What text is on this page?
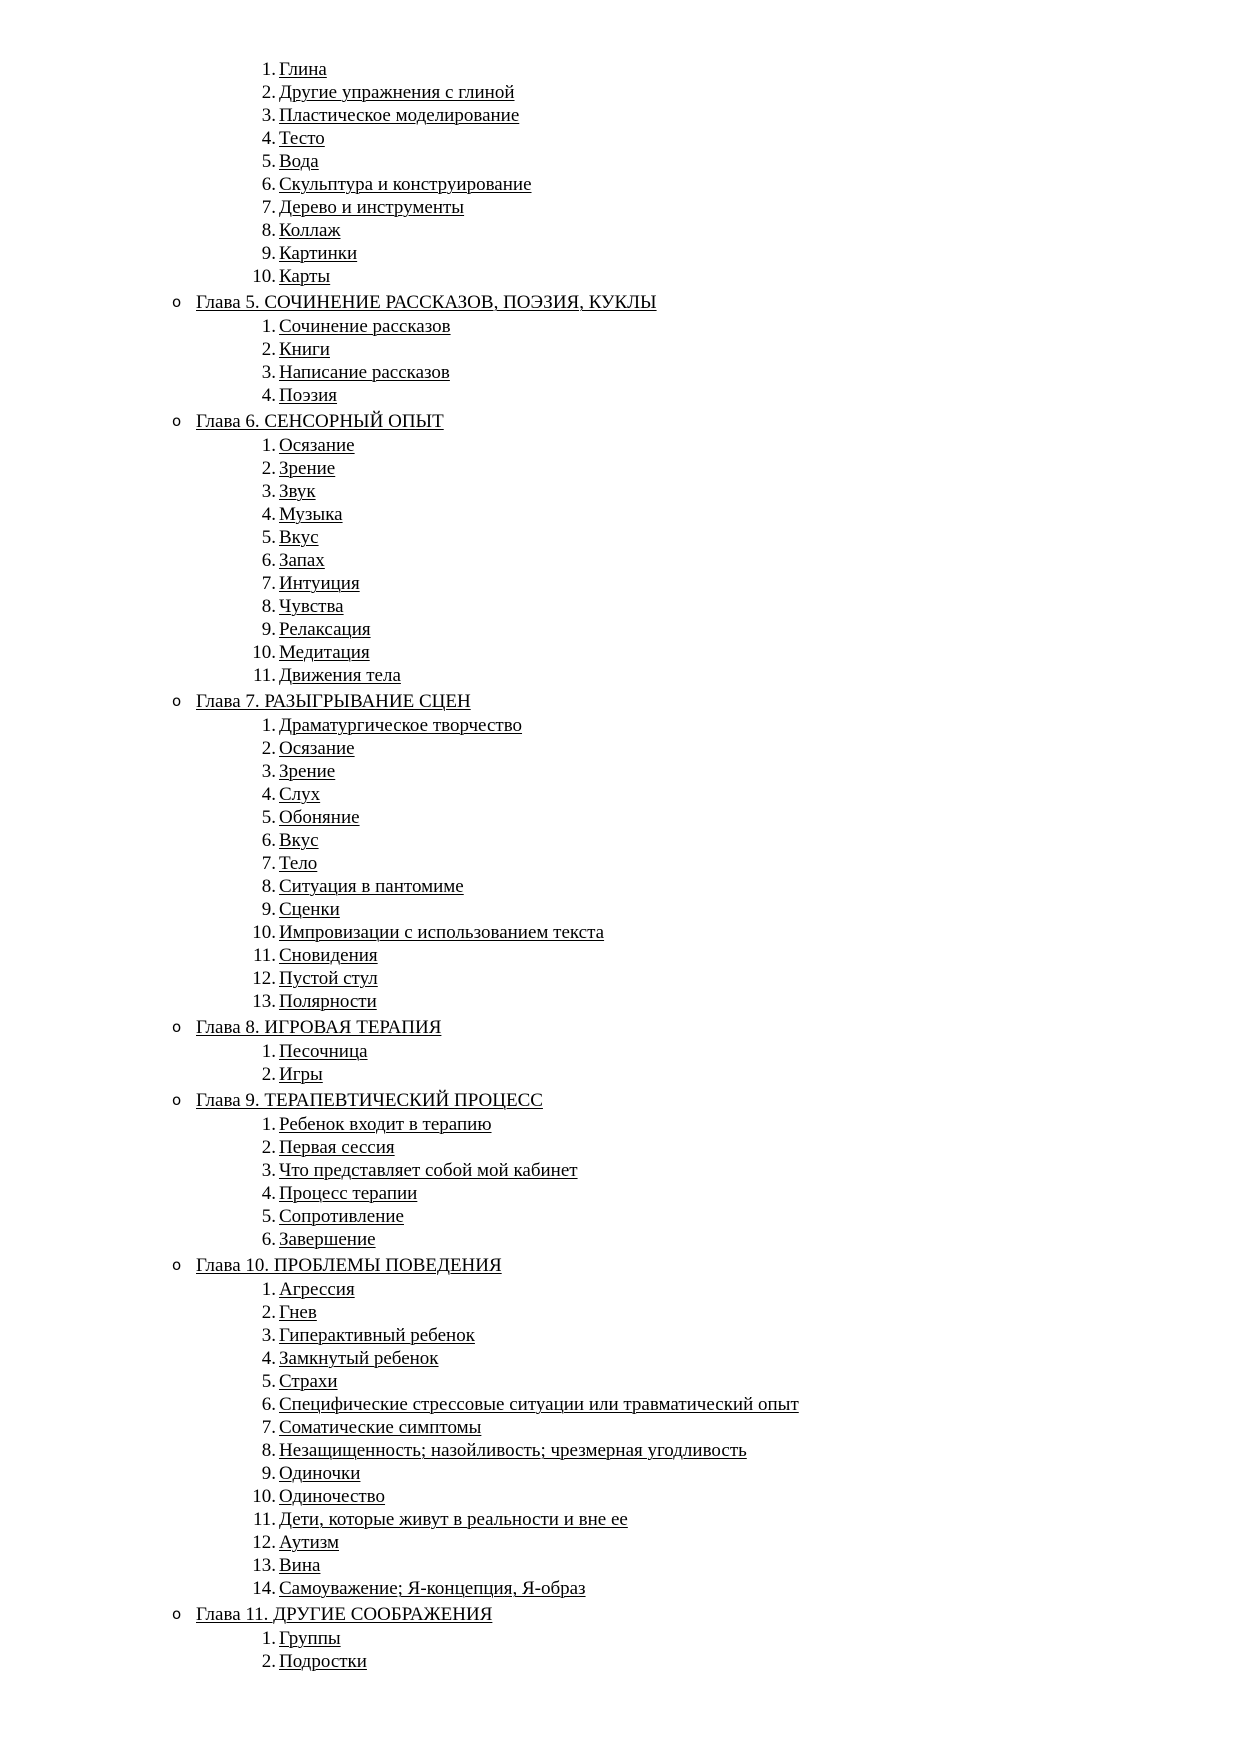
1. Глина
2. Другие упражнения с глиной
3. Пластическое моделирование
4. Тесто
5. Вода
6. Скульптура и конструирование
7. Дерево и инструменты
8. Коллаж
9. Картинки
10. Карты
o Глава 5. СОЧИНЕНИЕ РАССКАЗОВ, ПОЭЗИЯ, КУКЛЫ
1. Сочинение рассказов
2. Книги
3. Написание рассказов
4. Поэзия
o Глава 6. СЕНСОРНЫЙ ОПЫТ
1. Осязание
2. Зрение
3. Звук
4. Музыка
5. Вкус
6. Запах
7. Интуиция
8. Чувства
9. Релаксация
10. Медитация
11. Движения тела
o Глава 7. РАЗЫГРЫВАНИЕ СЦЕН
1. Драматургическое творчество
2. Осязание
3. Зрение
4. Слух
5. Обоняние
6. Вкус
7. Тело
8. Ситуация в пантомиме
9. Сценки
10. Импровизации с использованием текста
11. Сновидения
12. Пустой стул
13. Полярности
o Глава 8. ИГРОВАЯ ТЕРАПИЯ
1. Песочница
2. Игры
o Глава 9. ТЕРАПЕВТИЧЕСКИЙ ПРОЦЕСС
1. Ребенок входит в терапию
2. Первая сессия
3. Что представляет собой мой кабинет
4. Процесс терапии
5. Сопротивление
6. Завершение
o Глава 10. ПРОБЛЕМЫ ПОВЕДЕНИЯ
1. Агрессия
2. Гнев
3. Гиперактивный ребенок
4. Замкнутый ребенок
5. Страхи
6. Специфические стрессовые ситуации или травматический опыт
7. Соматические симптомы
8. Незащищенность; назойливость; чрезмерная угодливость
9. Одиночки
10. Одиночество
11. Дети, которые живут в реальности и вне ее
12. Аутизм
13. Вина
14. Самоуважение; Я-концепция, Я-образ
o Глава 11. ДРУГИЕ СООБРАЖЕНИЯ
1. Группы
2. Подростки
